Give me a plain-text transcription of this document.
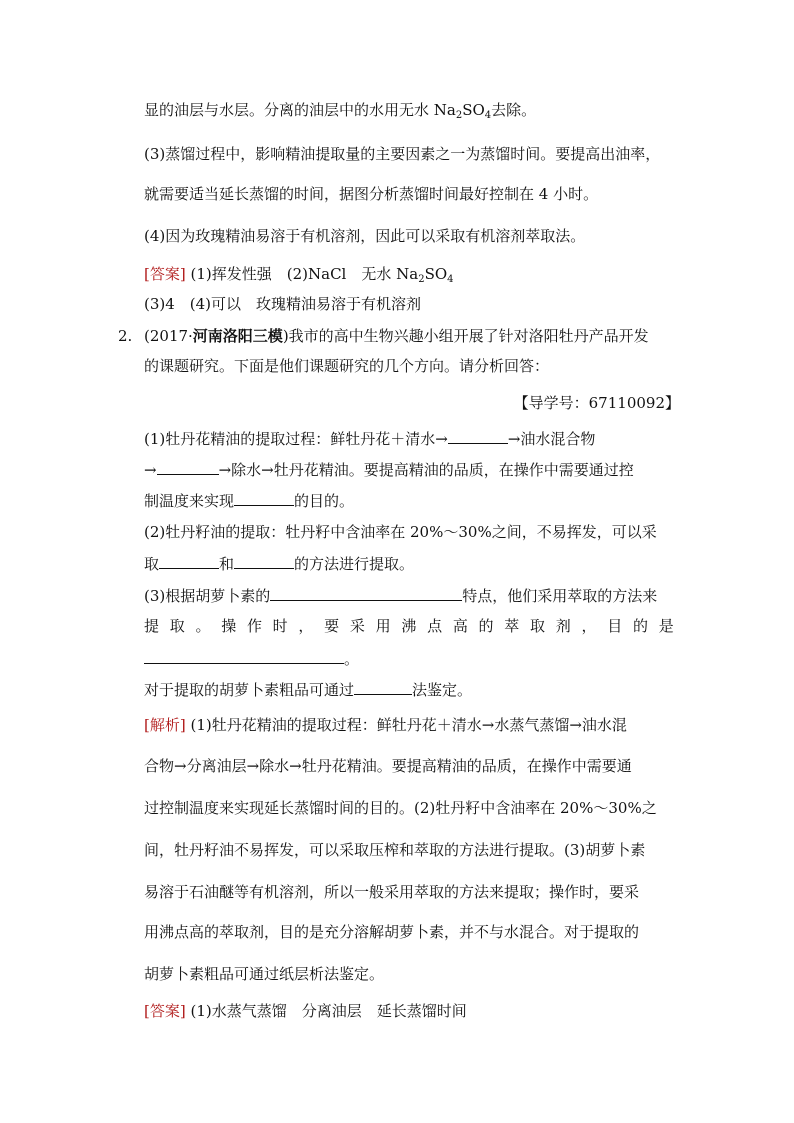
显的油层与水层。分离的油层中的水用无水 $Na_2SO_4$去除。
(3)蒸馏过程中，影响精油提取量的主要因素之一为蒸馏时间。要提高出油率，
就需要适当延长蒸馏的时间，据图分析蒸馏时间最好控制在 4 小时。
(4)因为玫瑰精油易溶于有机溶剂，因此可以采取有机溶剂萃取法。
[答案] (1)挥发性强　(2)NaCl　无水 $Na_2SO_4$
(3)4　(4)可以　玫瑰精油易溶于有机溶剂
2. (2017·河南洛阳三模)我市的高中生物兴趣小组开展了针对洛阳牡丹产品开发
的课题研究。下面是他们课题研究的几个方向。请分析回答：
【导学号：67110092】
(1)牡丹花精油的提取过程：鲜牡丹花＋清水→	→油水混合物
→	→除水→牡丹花精油。要提高精油的品质，在操作中需要通过控
制温度来实现	的目的。
(2)牡丹籽油的提取：牡丹籽中含油率在 20%～30%之间，不易挥发，可以采
取	和	的方法进行提取。
(3)根据胡萝卜素的	特点，他们采用萃取的方法来
提 取 。 操 作 时 ， 要 采 用 沸 点 高 的 萃 取 剂 ， 目 的 是
。
对于提取的胡萝卜素粗品可通过	法鉴定。
[解析] (1)牡丹花精油的提取过程：鲜牡丹花＋清水→水蒸气蒸馏→油水混
合物→分离油层→除水→牡丹花精油。要提高精油的品质，在操作中需要通
过控制温度来实现延长蒸馏时间的目的。(2)牡丹籽中含油率在 20%～30%之
间，牡丹籽油不易挥发，可以采取压榨和萃取的方法进行提取。(3)胡萝卜素
易溶于石油醚等有机溶剂，所以一般采用萃取的方法来提取；操作时，要采
用沸点高的萃取剂，目的是充分溶解胡萝卜素，并不与水混合。对于提取的
胡萝卜素粗品可通过纸层析法鉴定。
[答案] (1)水蒸气蒸馏　分离油层　延长蒸馏时间
